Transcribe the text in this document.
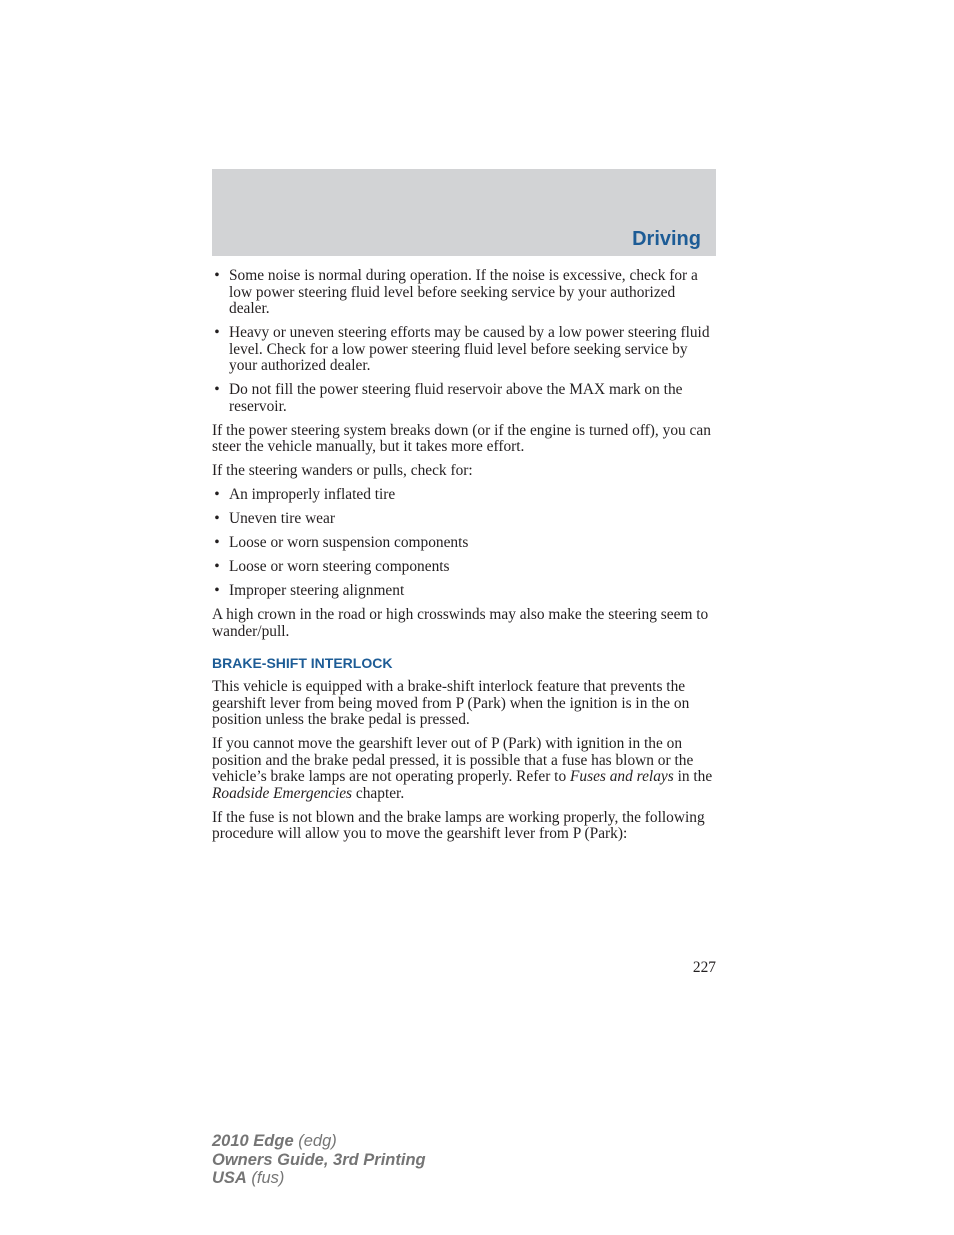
Driving
• Some noise is normal during operation. If the noise is excessive, check for a low power steering fluid level before seeking service by your authorized dealer.
• Heavy or uneven steering efforts may be caused by a low power steering fluid level. Check for a low power steering fluid level before seeking service by your authorized dealer.
• Do not fill the power steering fluid reservoir above the MAX mark on the reservoir.
If the power steering system breaks down (or if the engine is turned off), you can steer the vehicle manually, but it takes more effort.
If the steering wanders or pulls, check for:
• An improperly inflated tire
• Uneven tire wear
• Loose or worn suspension components
• Loose or worn steering components
• Improper steering alignment
A high crown in the road or high crosswinds may also make the steering seem to wander/pull.
BRAKE-SHIFT INTERLOCK
This vehicle is equipped with a brake-shift interlock feature that prevents the gearshift lever from being moved from P (Park) when the ignition is in the on position unless the brake pedal is pressed.
If you cannot move the gearshift lever out of P (Park) with ignition in the on position and the brake pedal pressed, it is possible that a fuse has blown or the vehicle’s brake lamps are not operating properly. Refer to Fuses and relays in the Roadside Emergencies chapter.
If the fuse is not blown and the brake lamps are working properly, the following procedure will allow you to move the gearshift lever from P (Park):
227
2010 Edge (edg)
Owners Guide, 3rd Printing
USA (fus)
